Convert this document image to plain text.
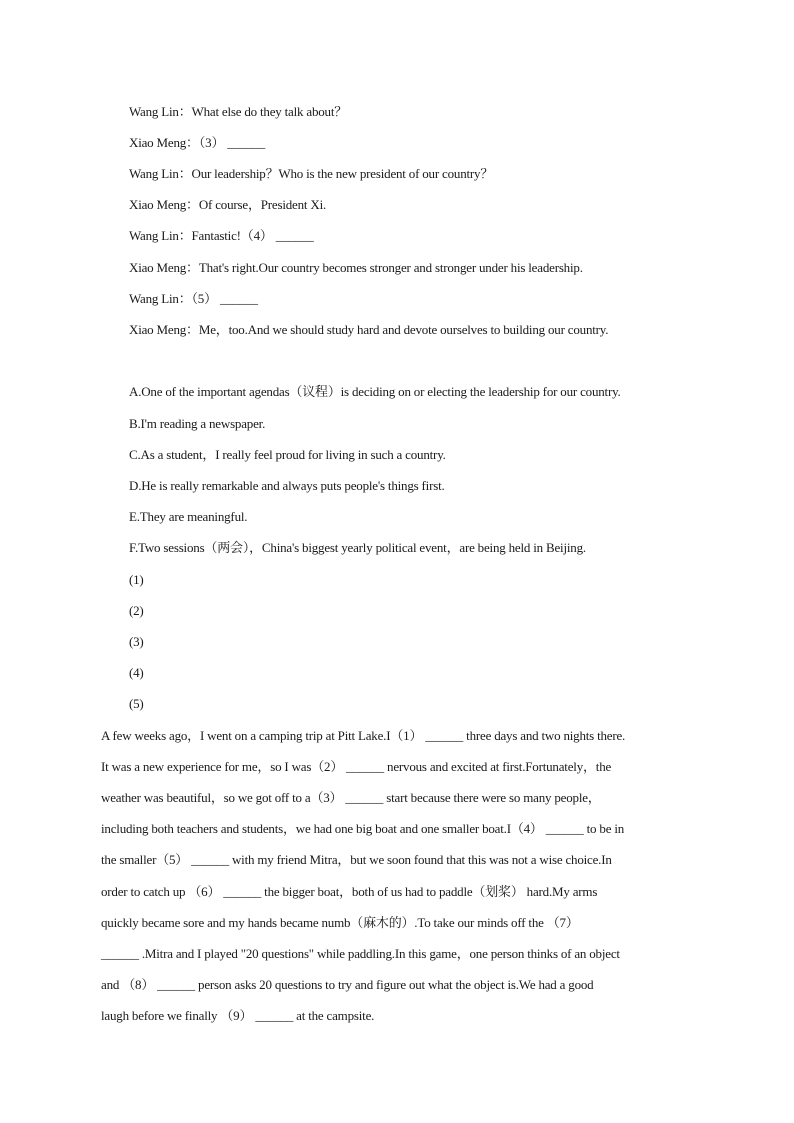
Wang Lin：What else do they talk about？
Xiao Meng：（3） ______
Wang Lin：Our leadership？Who is the new president of our country？
Xiao Meng：Of course，President Xi.
Wang Lin：Fantastic!（4） ______
Xiao Meng：That's right.Our country becomes stronger and stronger under his leadership.
Wang Lin：（5） ______
Xiao Meng：Me，too.And we should study hard and devote ourselves to building our country.
A.One of the important agendas（议程）is deciding on or electing the leadership for our country.
B.I'm reading a newspaper.
C.As a student，I really feel proud for living in such a country.
D.He is really remarkable and always puts people's things first.
E.They are meaningful.
F.Two sessions（两会），China's biggest yearly political event，are being held in Beijing.
(1)
(2)
(3)
(4)
(5)
A few weeks ago，I went on a camping trip at Pitt Lake.I（1） ______ three days and two nights there.
It was a new experience for me，so I was（2） ______ nervous and excited at first.Fortunately，the
weather was beautiful，so we got off to a（3） ______ start because there were so many people，
including both teachers and students，we had one big boat and one smaller boat.I（4） ______ to be in
the smaller（5） ______ with my friend Mitra，but we soon found that this was not a wise choice.In
order to catch up （6） ______ the bigger boat，both of us had to paddle（划桨） hard.My arms
quickly became sore and my hands became numb（麻木的）.To take our minds off the （7）
______ .Mitra and I played "20 questions" while paddling.In this game，one person thinks of an object
and （8） ______ person asks 20 questions to try and figure out what the object is.We had a good
laugh before we finally （9） ______ at the campsite.
